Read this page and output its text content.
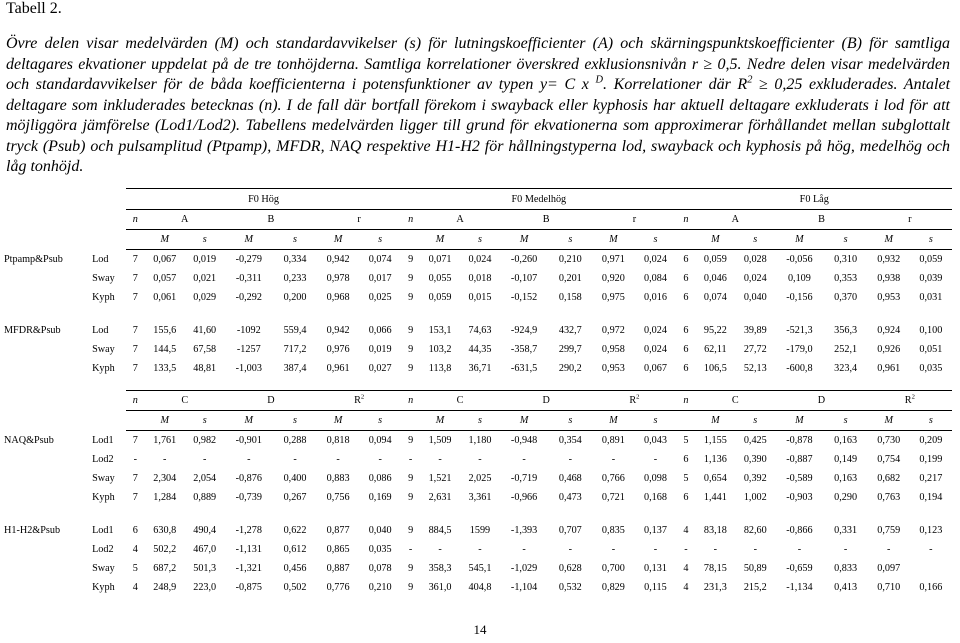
Tabell 2.
Övre delen visar medelvärden (M) och standardavvikelser (s) för lutningskoefficienter (A) och skärningspunktskoefficienter (B) för samtliga deltagares ekvationer uppdelat på de tre tonhöjderna. Samtliga korrelationer överskred exklusionsnivån r ≥ 0,5. Nedre delen visar medelvärden och standardavvikelser för de båda koefficienterna i potensfunktioner av typen y= C x $^D$. Korrelationer där $R^2 \ge 0,25$ exkluderades. Antalet deltagare som inkluderades betecknas (n). I de fall där bortfall förekom i swayback eller kyphosis har aktuell deltagare exkluderats i lod för att möjliggöra jämförelse (Lod1/Lod2). Tabellens medelvärden ligger till grund för ekvationerna som approximerar förhållandet mellan subglottalt tryck (Psub) och pulsamplitud (Ptpamp), MFDR, NAQ respektive H1-H2 för hållningstyperna lod, swayback och kyphosis på hög, medelhög och låg tonhöjd.
		F0 Hög							F0 Medelhög							F0 Låg						
		n	A		B		r		n	A		B		r		n	A		B		r	
			M	s	M	s	M	s		M	s	M	s	M	s		M	s	M	s	M	s
Ptpamp&Psub	Lod	7	0,067	0,019	-0,279	0,334	0,942	0,074	9	0,071	0,024	-0,260	0,210	0,971	0,024	6	0,059	0,028	-0,056	0,310	0,932	0,059
	Sway	7	0,057	0,021	-0,311	0,233	0,978	0,017	9	0,055	0,018	-0,107	0,201	0,920	0,084	6	0,046	0,024	0,109	0,353	0,938	0,039
	Kyph	7	0,061	0,029	-0,292	0,200	0,968	0,025	9	0,059	0,015	-0,152	0,158	0,975	0,016	6	0,074	0,040	-0,156	0,370	0,953	0,031

MFDR&Psub	Lod	7	155,6	41,60	-1092	559,4	0,942	0,066	9	153,1	74,63	-924,9	432,7	0,972	0,024	6	95,22	39,89	-521,3	356,3	0,924	0,100
	Sway	7	144,5	67,58	-1257	717,2	0,976	0,019	9	103,2	44,35	-358,7	299,7	0,958	0,024	6	62,11	27,72	-179,0	252,1	0,926	0,051
	Kyph	7	133,5	48,81	-1,003	387,4	0,961	0,027	9	113,8	36,71	-631,5	290,2	0,953	0,067	6	106,5	52,13	-600,8	323,4	0,961	0,035

		n	C		D		$R^2$		n	C		D		$R^2$		n	C		D		$R^2$
			M	s	M	s	M	s		M	s	M	s	M	s		M	s	M	s	M	s
NAQ&Psub	Lod1	7	1,761	0,982	-0,901	0,288	0,818	0,094	9	1,509	1,180	-0,948	0,354	0,891	0,043	5	1,155	0,425	-0,878	0,163	0,730	0,209
	Lod2	-	-	-	-	-	-	-	-	-	-	-	-	-	-	6	1,136	0,390	-0,887	0,149	0,754	0,199
	Sway	7	2,304	2,054	-0,876	0,400	0,883	0,086	9	1,521	2,025	-0,719	0,468	0,766	0,098	5	0,654	0,392	-0,589	0,163	0,682	0,217
	Kyph	7	1,284	0,889	-0,739	0,267	0,756	0,169	9	2,631	3,361	-0,966	0,473	0,721	0,168	6	1,441	1,002	-0,903	0,290	0,763	0,194

H1-H2&Psub	Lod1	6	630,8	490,4	-1,278	0,622	0,877	0,040	9	884,5	1599	-1,393	0,707	0,835	0,137	4	83,18	82,60	-0,866	0,331	0,759	0,123
	Lod2	4	502,2	467,0	-1,131	0,612	0,865	0,035	-	-	-	-	-	-	-	-	-	-	-	-	-	-
	Sway	5	687,2	501,3	-1,321	0,456	0,887	0,078	9	358,3	545,1	-1,029	0,628	0,700	0,131	4	78,15	50,89	-0,659	0,833	0,097	
	Kyph	4	248,9	223,0	-0,875	0,502	0,776	0,210	9	361,0	404,8	-1,104	0,532	0,829	0,115	4	231,3	215,2	-1,134	0,413	0,710	0,166
14
